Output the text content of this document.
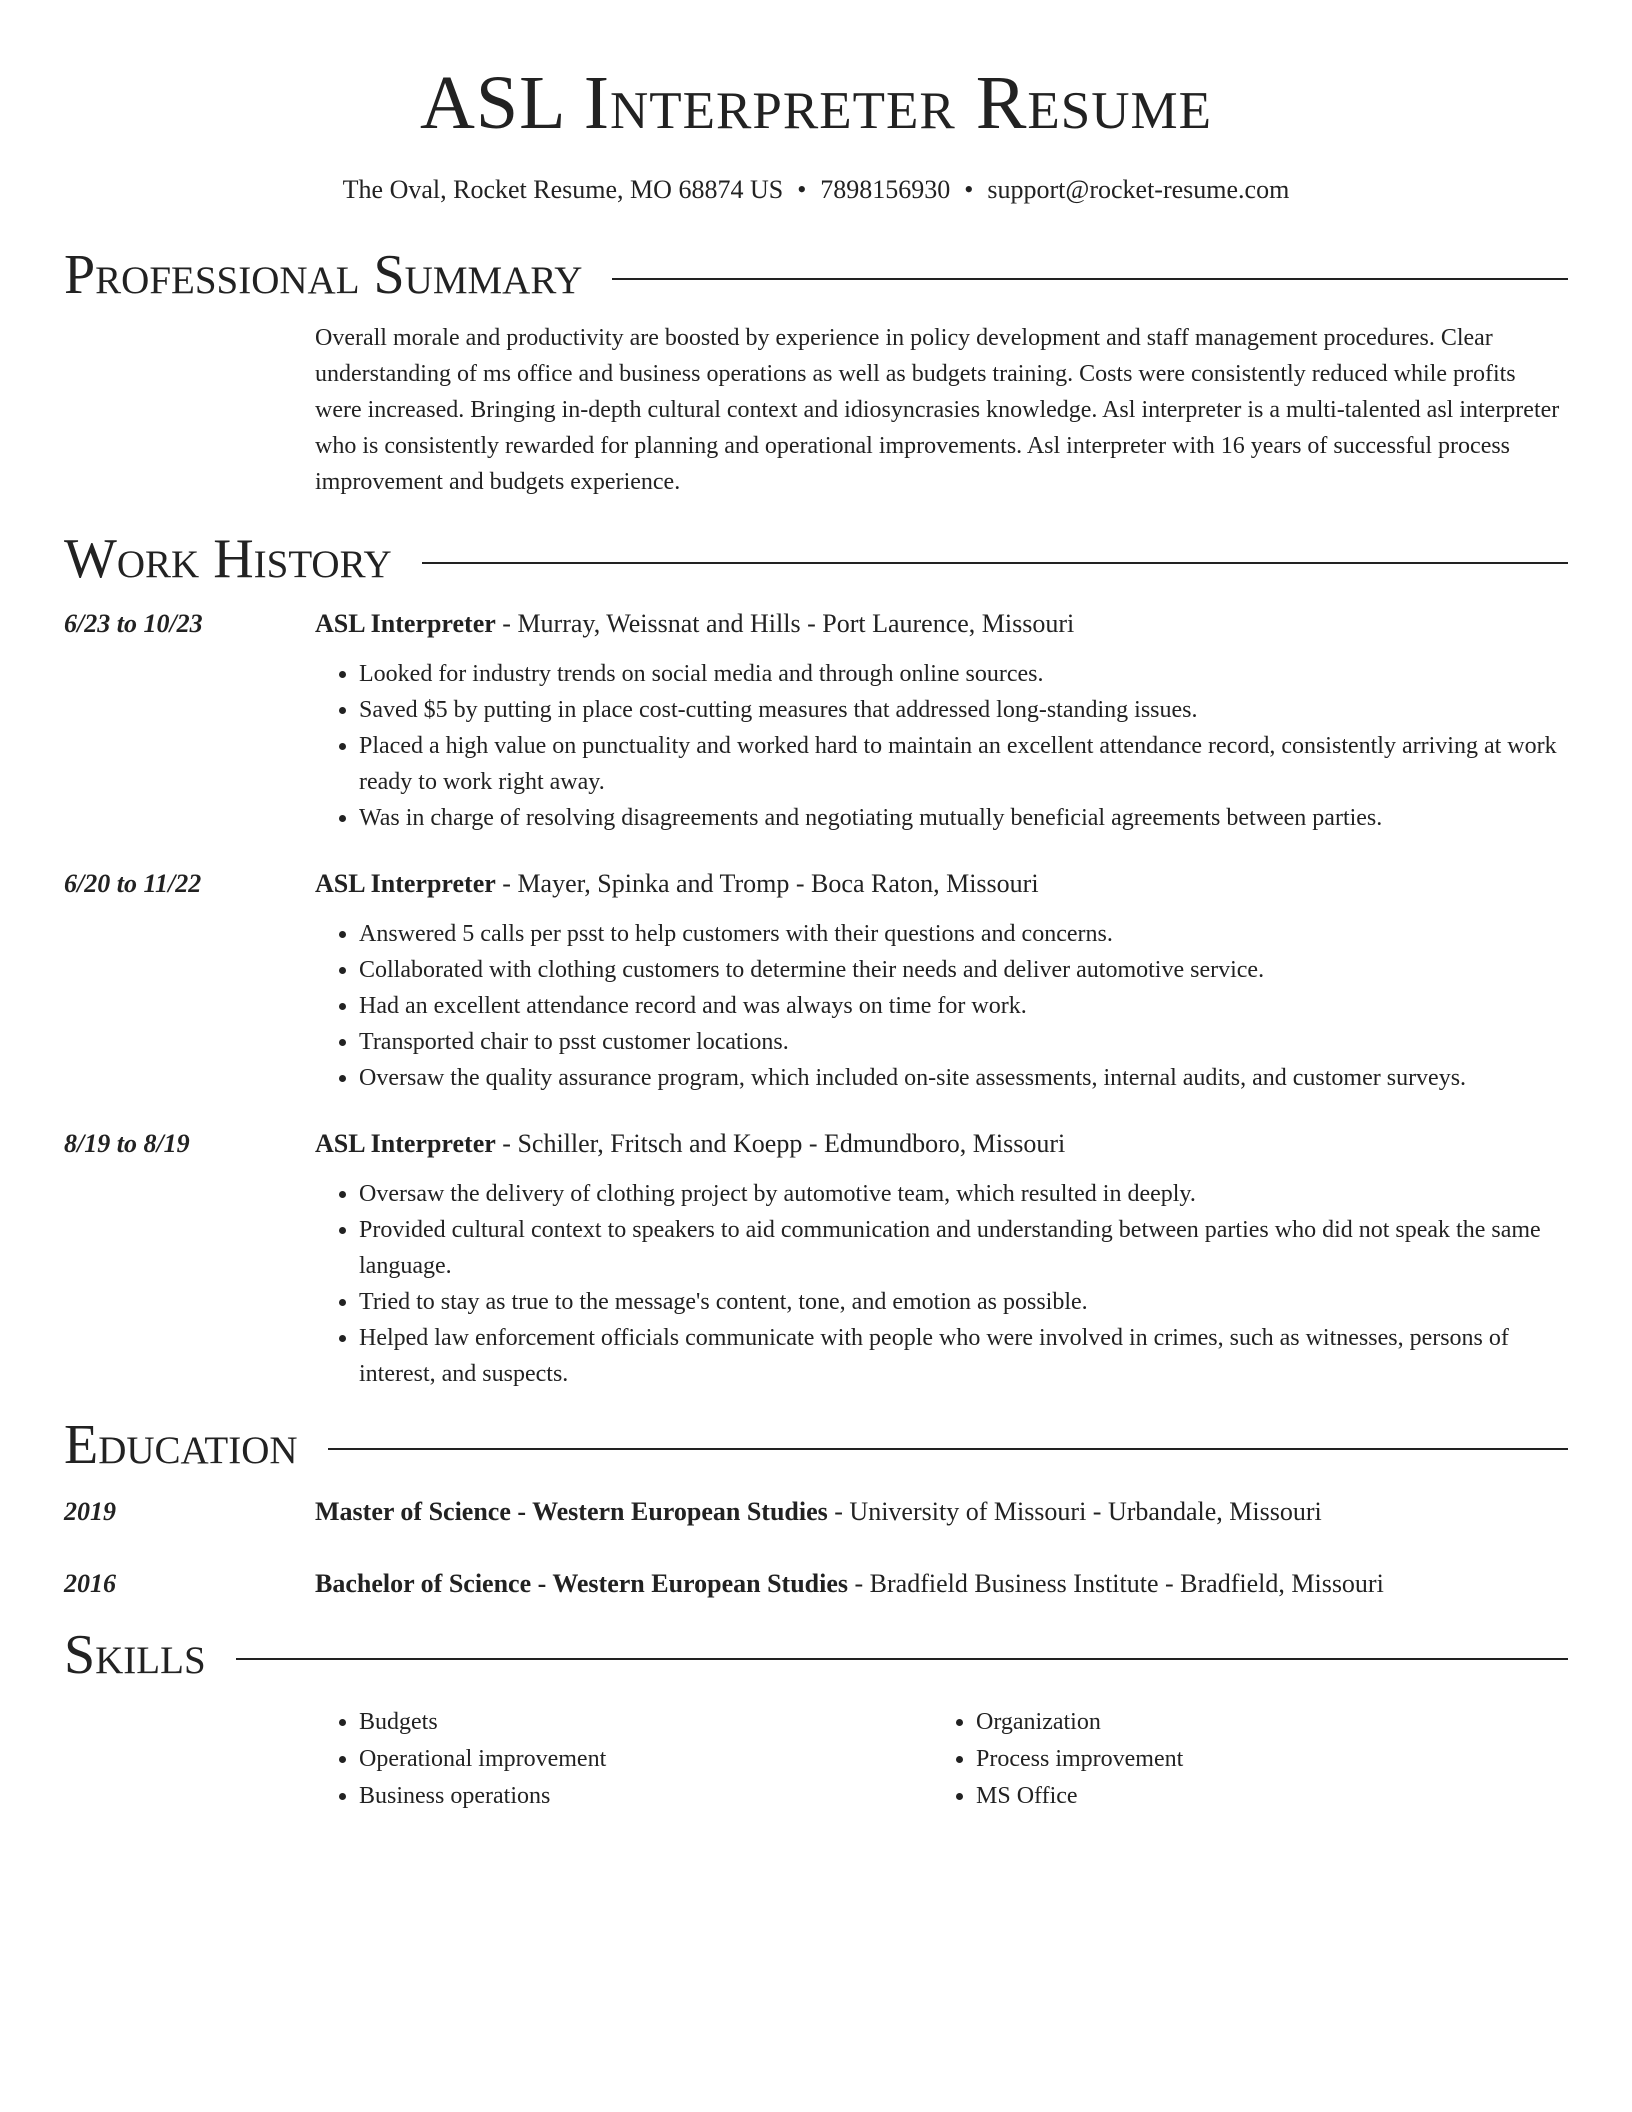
ASL Interpreter Resume
The Oval, Rocket Resume, MO 68874 US • 7898156930 • support@rocket-resume.com
Professional Summary
Overall morale and productivity are boosted by experience in policy development and staff management procedures. Clear understanding of ms office and business operations as well as budgets training. Costs were consistently reduced while profits were increased. Bringing in-depth cultural context and idiosyncrasies knowledge. Asl interpreter is a multi-talented asl interpreter who is consistently rewarded for planning and operational improvements. Asl interpreter with 16 years of successful process improvement and budgets experience.
Work History
6/23 to 10/23	ASL Interpreter - Murray, Weissnat and Hills - Port Laurence, Missouri
• Looked for industry trends on social media and through online sources.
• Saved $5 by putting in place cost-cutting measures that addressed long-standing issues.
• Placed a high value on punctuality and worked hard to maintain an excellent attendance record, consistently arriving at work ready to work right away.
• Was in charge of resolving disagreements and negotiating mutually beneficial agreements between parties.
6/20 to 11/22	ASL Interpreter - Mayer, Spinka and Tromp - Boca Raton, Missouri
• Answered 5 calls per psst to help customers with their questions and concerns.
• Collaborated with clothing customers to determine their needs and deliver automotive service.
• Had an excellent attendance record and was always on time for work.
• Transported chair to psst customer locations.
• Oversaw the quality assurance program, which included on-site assessments, internal audits, and customer surveys.
8/19 to 8/19	ASL Interpreter - Schiller, Fritsch and Koepp - Edmundboro, Missouri
• Oversaw the delivery of clothing project by automotive team, which resulted in deeply.
• Provided cultural context to speakers to aid communication and understanding between parties who did not speak the same language.
• Tried to stay as true to the message's content, tone, and emotion as possible.
• Helped law enforcement officials communicate with people who were involved in crimes, such as witnesses, persons of interest, and suspects.
Education
2019	Master of Science - Western European Studies - University of Missouri - Urbandale, Missouri
2016	Bachelor of Science - Western European Studies - Bradfield Business Institute - Bradfield, Missouri
Skills
• Budgets
• Operational improvement
• Business operations
• Organization
• Process improvement
• MS Office
